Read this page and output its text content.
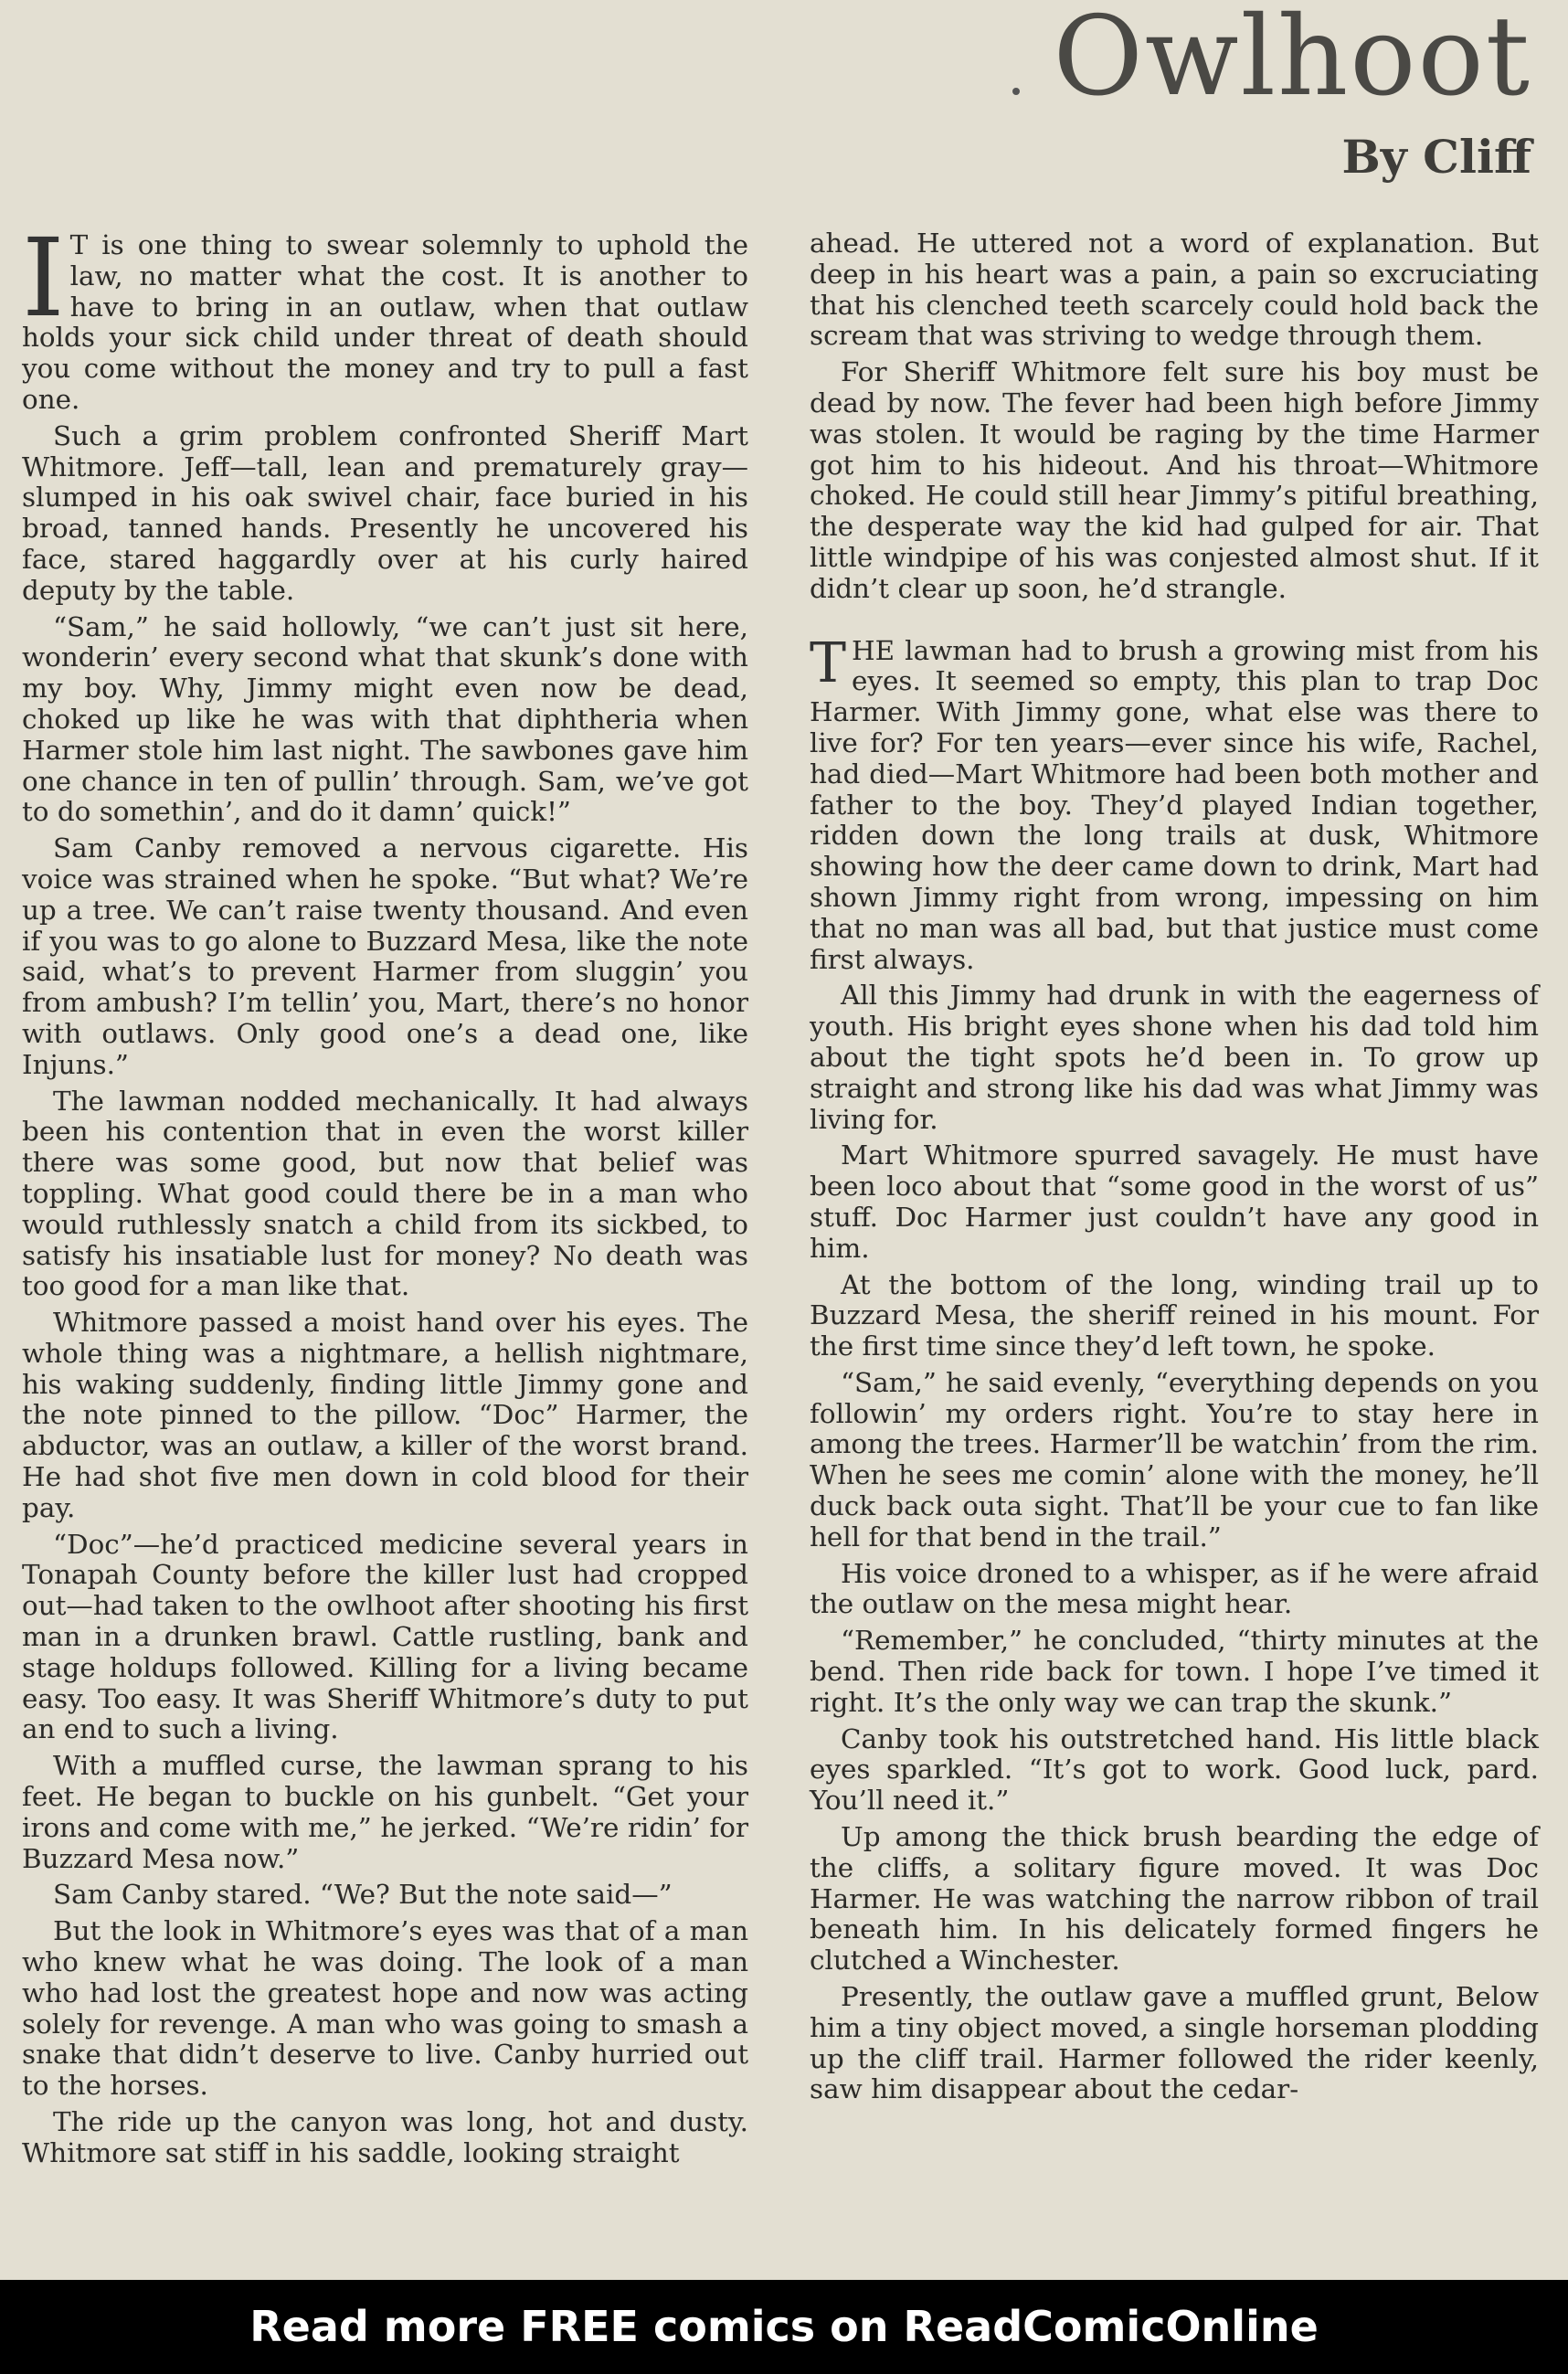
Owlhoot
By Cliff

I T is one thing to swear solemnly to uphold the law, no matter what the cost. It is another to have to bring in an outlaw, when that outlaw holds your sick child under threat of death should you come without the money and try to pull a fast one.

Such a grim problem confronted Sheriff Mart Whitmore. Jeff—tall, lean and prematurely gray—slumped in his oak swivel chair, face buried in his broad, tanned hands. Presently he uncovered his face, stared haggardly over at his curly haired deputy by the table.

“Sam,” he said hollowly, “we can’t just sit here, wonderin’ every second what that skunk’s done with my boy. Why, Jimmy might even now be dead, choked up like he was with that diphtheria when Harmer stole him last night. The sawbones gave him one chance in ten of pullin’ through. Sam, we’ve got to do somethin’, and do it damn’ quick!”

Sam Canby removed a nervous cigarette. His voice was strained when he spoke. “But what? We’re up a tree. We can’t raise twenty thousand. And even if you was to go alone to Buzzard Mesa, like the note said, what’s to prevent Harmer from sluggin’ you from ambush? I’m tellin’ you, Mart, there’s no honor with outlaws. Only good one’s a dead one, like Injuns.”

The lawman nodded mechanically. It had always been his contention that in even the worst killer there was some good, but now that belief was toppling. What good could there be in a man who would ruthlessly snatch a child from its sickbed, to satisfy his insatiable lust for money? No death was too good for a man like that.

Whitmore passed a moist hand over his eyes. The whole thing was a nightmare, a hellish nightmare, his waking suddenly, finding little Jimmy gone and the note pinned to the pillow. “Doc” Harmer, the abductor, was an outlaw, a killer of the worst brand. He had shot five men down in cold blood for their pay.

“Doc”—he’d practiced medicine several years in Tonapah County before the killer lust had cropped out—had taken to the owlhoot after shooting his first man in a drunken brawl. Cattle rustling, bank and stage holdups followed. Killing for a living became easy. Too easy. It was Sheriff Whitmore’s duty to put an end to such a living.

With a muffled curse, the lawman sprang to his feet. He began to buckle on his gunbelt. “Get your irons and come with me,” he jerked. “We’re ridin’ for Buzzard Mesa now.”

Sam Canby stared. “We? But the note said—”

But the look in Whitmore’s eyes was that of a man who knew what he was doing. The look of a man who had lost the greatest hope and now was acting solely for revenge. A man who was going to smash a snake that didn’t deserve to live. Canby hurried out to the horses.

The ride up the canyon was long, hot and dusty. Whitmore sat stiff in his saddle, looking straight

ahead. He uttered not a word of explanation. But deep in his heart was a pain, a pain so excruciating that his clenched teeth scarcely could hold back the scream that was striving to wedge through them.

For Sheriff Whitmore felt sure his boy must be dead by now. The fever had been high before Jimmy was stolen. It would be raging by the time Harmer got him to his hideout. And his throat—Whitmore choked. He could still hear Jimmy’s pitiful breathing, the desperate way the kid had gulped for air. That little windpipe of his was conjested almost shut. If it didn’t clear up soon, he’d strangle.

THE lawman had to brush a growing mist from his eyes. It seemed so empty, this plan to trap Doc Harmer. With Jimmy gone, what else was there to live for? For ten years—ever since his wife, Rachel, had died—Mart Whitmore had been both mother and father to the boy. They’d played Indian together, ridden down the long trails at dusk, Whitmore showing how the deer came down to drink, Mart had shown Jimmy right from wrong, impessing on him that no man was all bad, but that justice must come first always.

All this Jimmy had drunk in with the eagerness of youth. His bright eyes shone when his dad told him about the tight spots he’d been in. To grow up straight and strong like his dad was what Jimmy was living for.

Mart Whitmore spurred savagely. He must have been loco about that “some good in the worst of us” stuff. Doc Harmer just couldn’t have any good in him.

At the bottom of the long, winding trail up to Buzzard Mesa, the sheriff reined in his mount. For the first time since they’d left town, he spoke.

“Sam,” he said evenly, “everything depends on you followin’ my orders right. You’re to stay here in among the trees. Harmer’ll be watchin’ from the rim. When he sees me comin’ alone with the money, he’ll duck back outa sight. That’ll be your cue to fan like hell for that bend in the trail.”

His voice droned to a whisper, as if he were afraid the outlaw on the mesa might hear.

“Remember,” he concluded, “thirty minutes at the bend. Then ride back for town. I hope I’ve timed it right. It’s the only way we can trap the skunk.”

Canby took his outstretched hand. His little black eyes sparkled. “It’s got to work. Good luck, pard. You’ll need it.”

Up among the thick brush bearding the edge of the cliffs, a solitary figure moved. It was Doc Harmer. He was watching the narrow ribbon of trail beneath him. In his delicately formed fingers he clutched a Winchester.

Presently, the outlaw gave a muffled grunt, Below him a tiny object moved, a single horseman plodding up the cliff trail. Harmer followed the rider keenly, saw him disappear about the cedar-

Read more FREE comics on ReadComicOnline
